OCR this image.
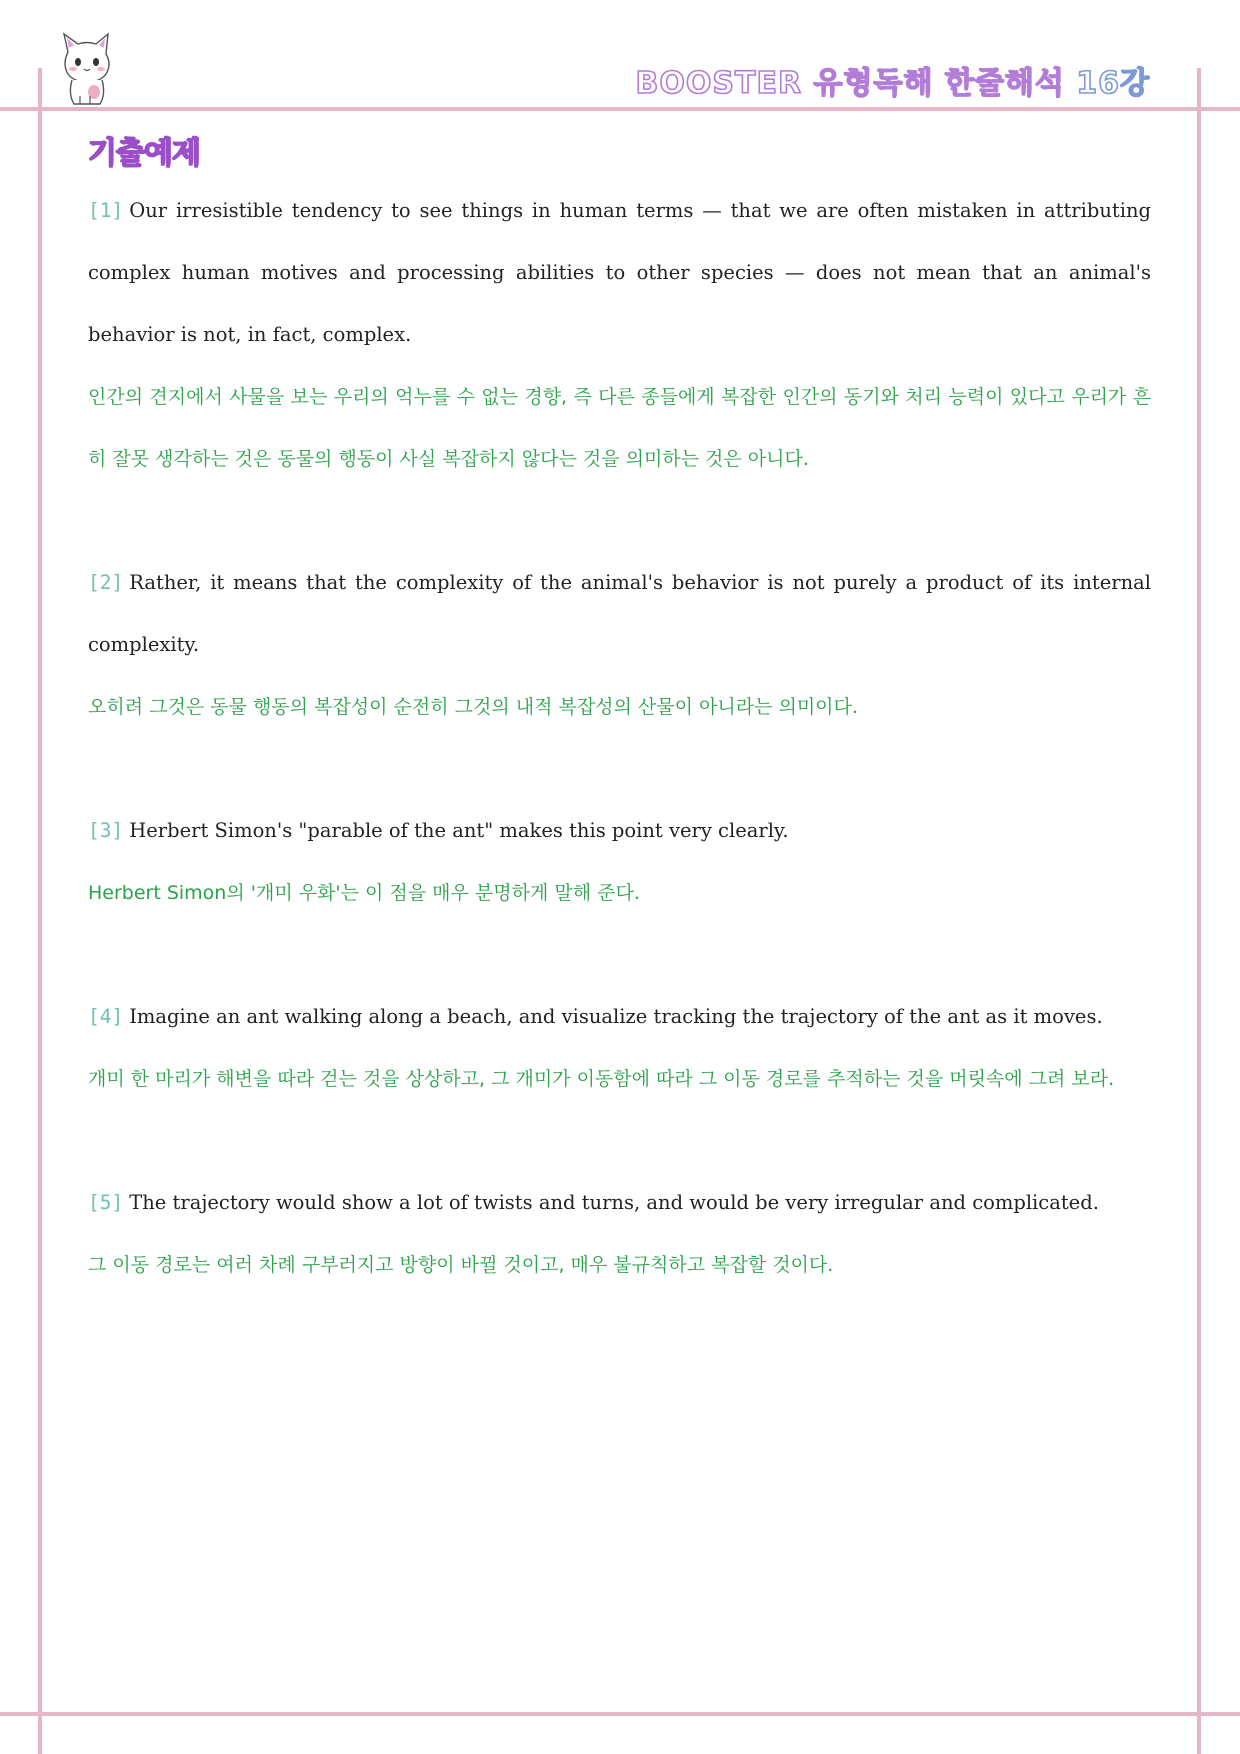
BOOSTER 유형독해 한줄해석 16강
기출예제

[1] Our irresistible tendency to see things in human terms — that we are often mistaken in attributing complex human motives and processing abilities to other species — does not mean that an animal's behavior is not, in fact, complex.

인간의 견지에서 사물을 보는 우리의 억누를 수 없는 경향, 즉 다른 종들에게 복잡한 인간의 동기와 처리 능력이 있다고 우리가 흔히 잘못 생각하는 것은 동물의 행동이 사실 복잡하지 않다는 것을 의미하는 것은 아니다.

[2] Rather, it means that the complexity of the animal's behavior is not purely a product of its internal complexity.

오히려 그것은 동물 행동의 복잡성이 순전히 그것의 내적 복잡성의 산물이 아니라는 의미이다.

[3] Herbert Simon's "parable of the ant" makes this point very clearly.

Herbert Simon의 '개미 우화'는 이 점을 매우 분명하게 말해 준다.

[4] Imagine an ant walking along a beach, and visualize tracking the trajectory of the ant as it moves.

개미 한 마리가 해변을 따라 걷는 것을 상상하고, 그 개미가 이동함에 따라 그 이동 경로를 추적하는 것을 머릿속에 그려 보라.

[5] The trajectory would show a lot of twists and turns, and would be very irregular and complicated.

그 이동 경로는 여러 차례 구부러지고 방향이 바뀔 것이고, 매우 불규칙하고 복잡할 것이다.
